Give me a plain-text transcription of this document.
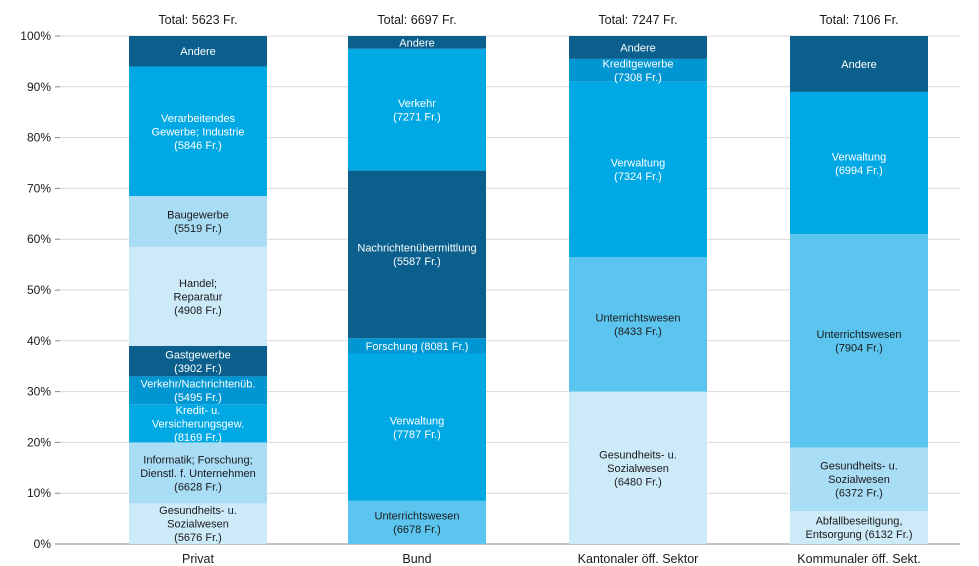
Gesundheits- u.
Sozialwesen
(5676 Fr.)
Informatik; Forschung;
Dienstl. f. Unternehmen
(6628 Fr.)
Kredit- u.
Versicherungsgew.
(8169 Fr.)
Verkehr/Nachrichtenüb.
(5495 Fr.)
Gastgewerbe
(3902 Fr.)
Handel;
Reparatur
(4908 Fr.)
Baugewerbe
(5519 Fr.)
Verarbeitendes
Gewerbe; Industrie
(5846 Fr.)
Andere
Unterrichtswesen
(6678 Fr.)
Verwaltung
(7787 Fr.)
Forschung (8081 Fr.)
Nachrichtenübermittlung
(5587 Fr.)
Verkehr
(7271 Fr.)
Andere
Gesundheits- u.
Sozialwesen
(6480 Fr.)
Unterrichtswesen
(8433 Fr.)
Verwaltung
(7324 Fr.)
Kreditgewerbe
(7308 Fr.)
Andere
Abfallbeseitigung,
Entsorgung (6132 Fr.)
Gesundheits- u.
Sozialwesen
(6372 Fr.)
Unterrichtswesen
(7904 Fr.)
Verwaltung
(6994 Fr.)
Andere
0%
10%
20%
30%
40%
50%
60%
70%
80%
90%
100%
Privat	Bund	Kantonaler öff. Sektor	Kommunaler öff. Sekt.
Total: 5623 Fr.	Total: 6697 Fr.	Total: 7247 Fr.	Total: 7106 Fr.
